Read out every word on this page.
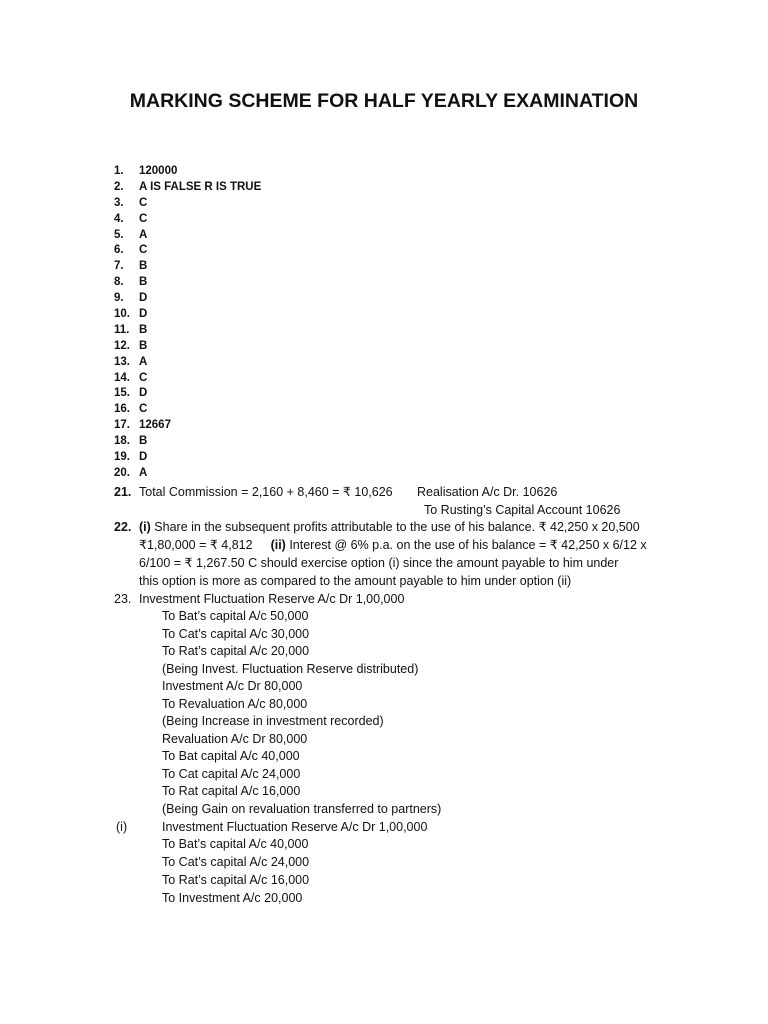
MARKING SCHEME FOR HALF YEARLY EXAMINATION
1. 120000
2. A IS FALSE R IS TRUE
3. C
4. C
5. A
6. C
7. B
8. B
9. D
10. D
11. B
12. B
13. A
14. C
15. D
16. C
17. 12667
18. B
19. D
20. A
21. Total Commission = 2,160 + 8,460 = ₹ 10,626 Realisation A/c Dr. 10626
To Rusting’s Capital Account 10626
22. (i) Share in the subsequent profits attributable to the use of his balance. ₹ 42,250 x 20,500
₹1,80,000 = ₹ 4,812 (ii) Interest @ 6% p.a. on the use of his balance = ₹ 42,250 x 6/12 x
6/100 = ₹ 1,267.50 C should exercise option (i) since the amount payable to him under
this option is more as compared to the amount payable to him under option (ii)
23. Investment Fluctuation Reserve A/c Dr 1,00,000
To Bat’s capital A/c 50,000
To Cat’s capital A/c 30,000
To Rat’s capital A/c 20,000
(Being Invest. Fluctuation Reserve distributed)
Investment A/c Dr 80,000
To Revaluation A/c 80,000
(Being Increase in investment recorded)
Revaluation A/c Dr 80,000
To Bat capital A/c 40,000
To Cat capital A/c 24,000
To Rat capital A/c 16,000
(Being Gain on revaluation transferred to partners)
(i)	Investment Fluctuation Reserve A/c Dr 1,00,000
To Bat’s capital A/c 40,000
To Cat’s capital A/c 24,000
To Rat’s capital A/c 16,000
To Investment A/c 20,000
